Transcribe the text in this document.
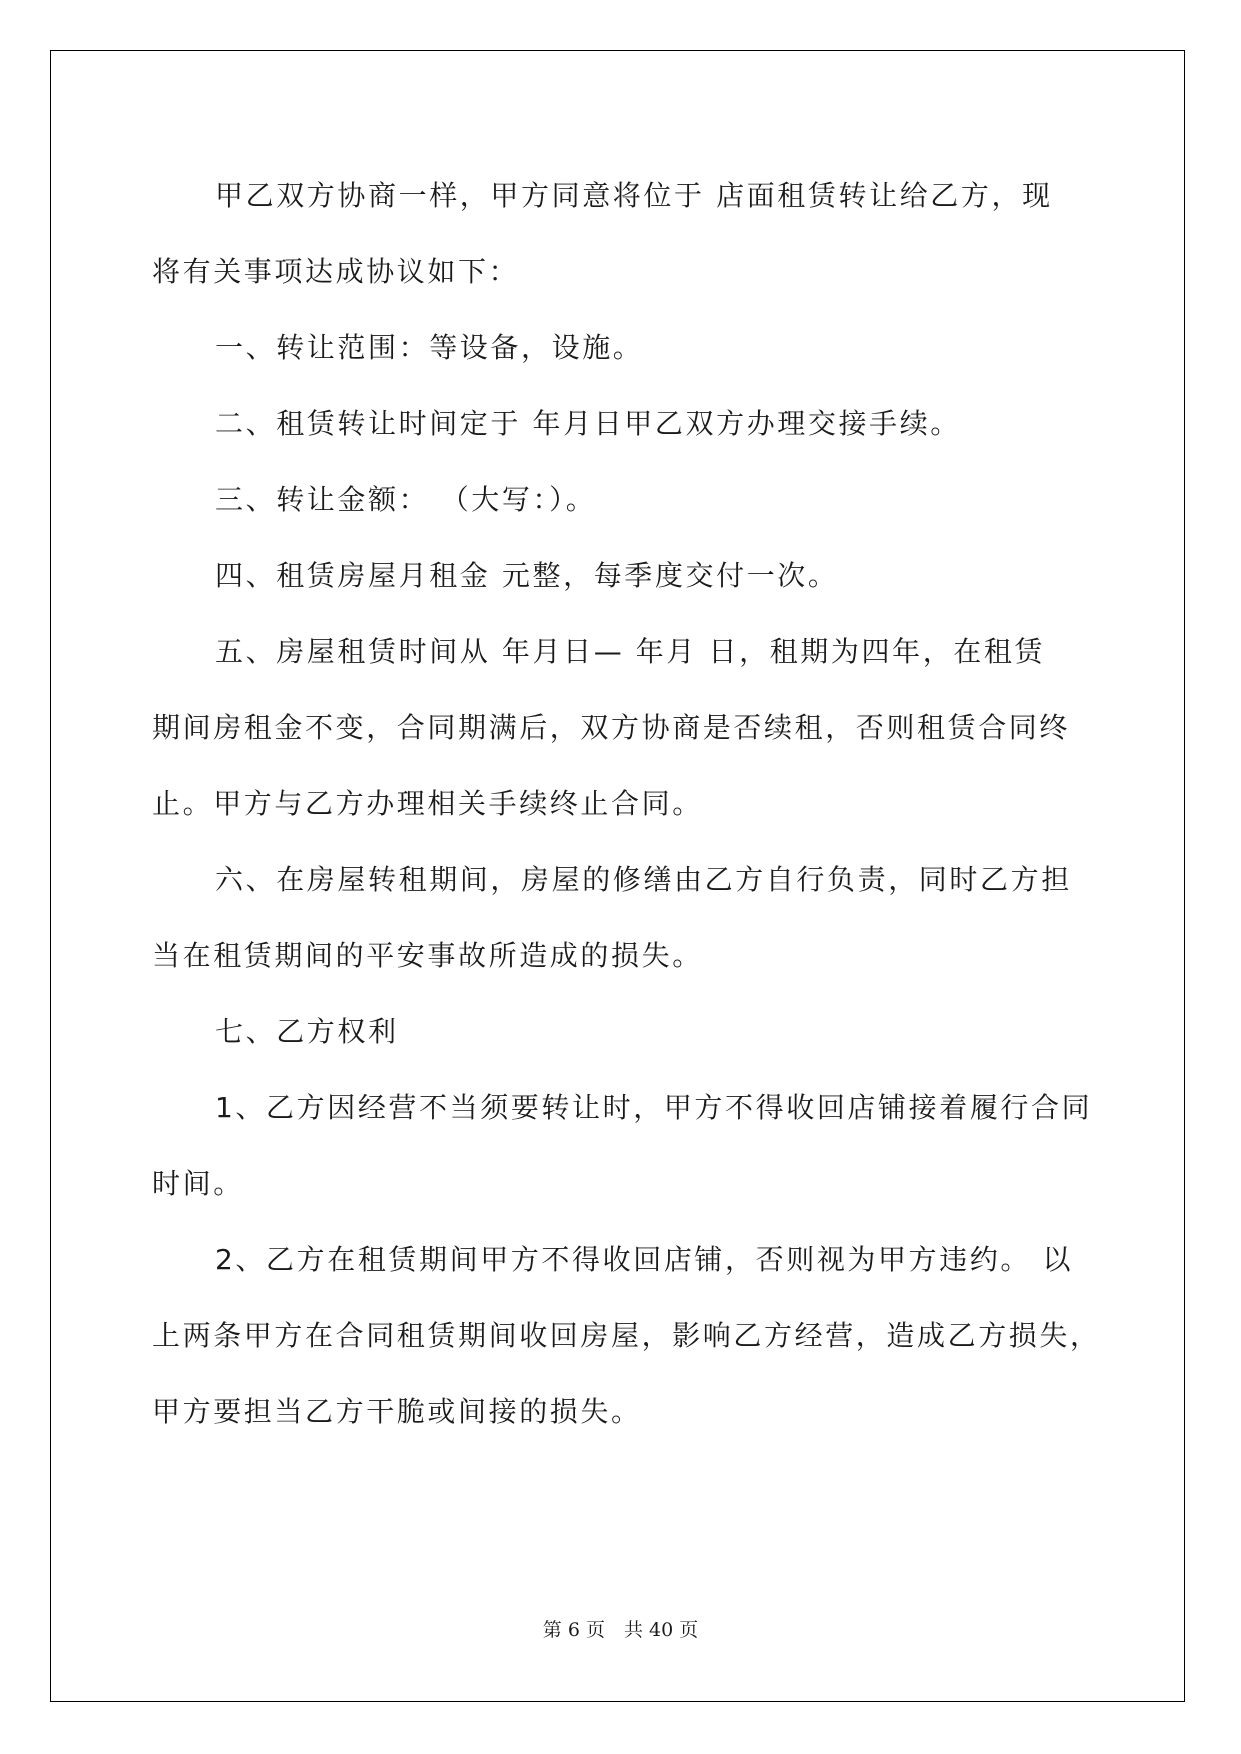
甲乙双方协商一样，甲方同意将位于 店面租赁转让给乙方，现
将有关事项达成协议如下：
一、转让范围：等设备，设施。
二、租赁转让时间定于 年月日甲乙双方办理交接手续。
三、转让金额： （大写：）。
四、租赁房屋月租金 元整，每季度交付一次。
五、房屋租赁时间从 年月日— 年月 日，租期为四年，在租赁
期间房租金不变，合同期满后，双方协商是否续租，否则租赁合同终
止。甲方与乙方办理相关手续终止合同。
六、在房屋转租期间，房屋的修缮由乙方自行负责，同时乙方担
当在租赁期间的平安事故所造成的损失。
七、乙方权利
1、乙方因经营不当须要转让时，甲方不得收回店铺接着履行合同
时间。
2、乙方在租赁期间甲方不得收回店铺，否则视为甲方违约。 以
上两条甲方在合同租赁期间收回房屋，影响乙方经营，造成乙方损失，
甲方要担当乙方干脆或间接的损失。
第 6 页　共 40 页
